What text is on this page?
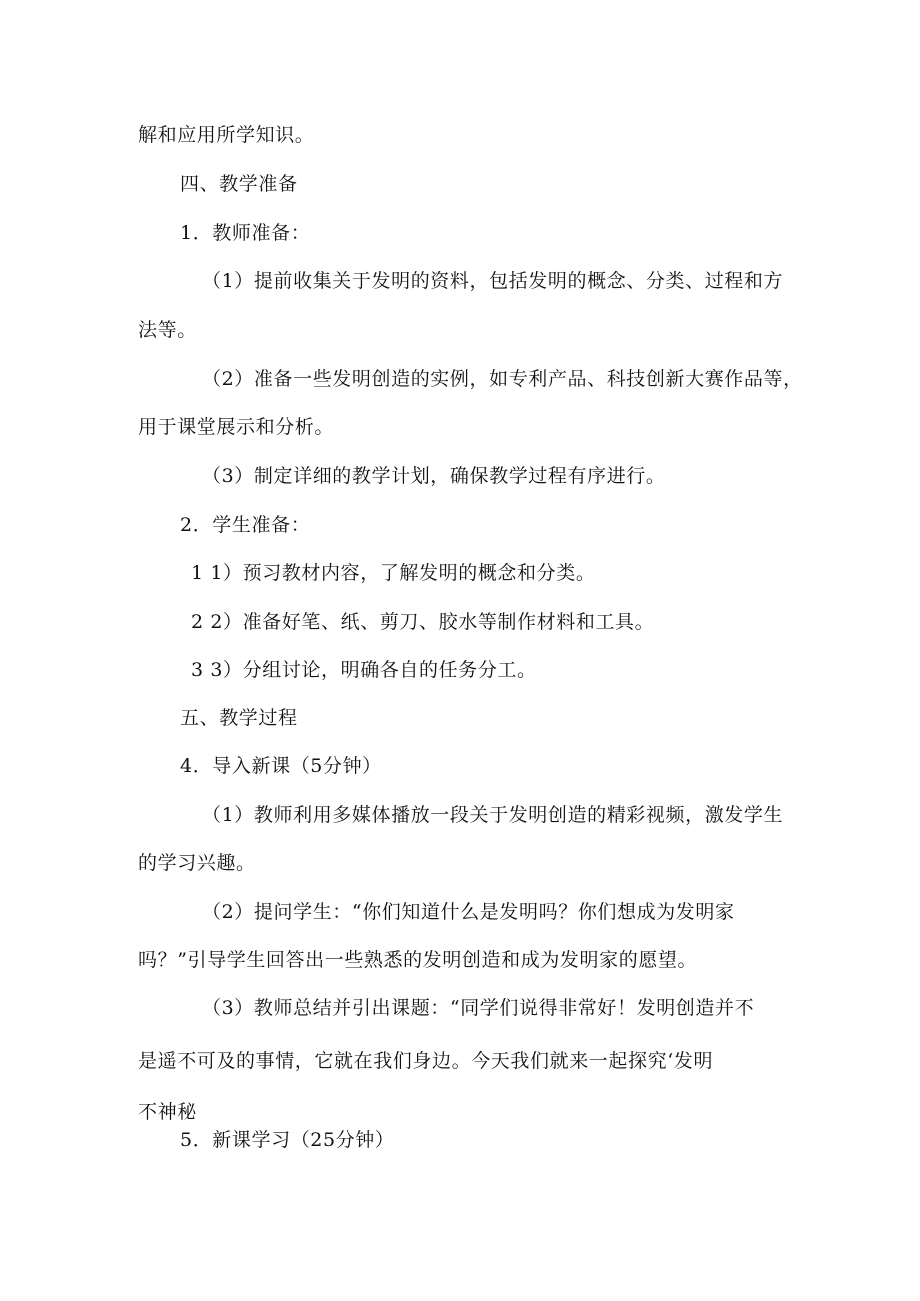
解和应用所学知识。
四、教学准备
1．教师准备：
（1）提前收集关于发明的资料，包括发明的概念、分类、过程和方
法等。
（2）准备一些发明创造的实例，如专利产品、科技创新大赛作品等，
用于课堂展示和分析。
（3）制定详细的教学计划，确保教学过程有序进行。
2．学生准备：
1 1）预习教材内容，了解发明的概念和分类。
2 2）准备好笔、纸、剪刀、胶水等制作材料和工具。
3 3）分组讨论，明确各自的任务分工。
五、教学过程
4．导入新课（5分钟）
（1）教师利用多媒体播放一段关于发明创造的精彩视频，激发学生
的学习兴趣。
（2）提问学生：“你们知道什么是发明吗？你们想成为发明家
吗？”引导学生回答出一些熟悉的发明创造和成为发明家的愿望。
（3）教师总结并引出课题：“同学们说得非常好！发明创造并不
是遥不可及的事情，它就在我们身边。今天我们就来一起探究‘发明
不神秘
5．新课学习（25分钟）
